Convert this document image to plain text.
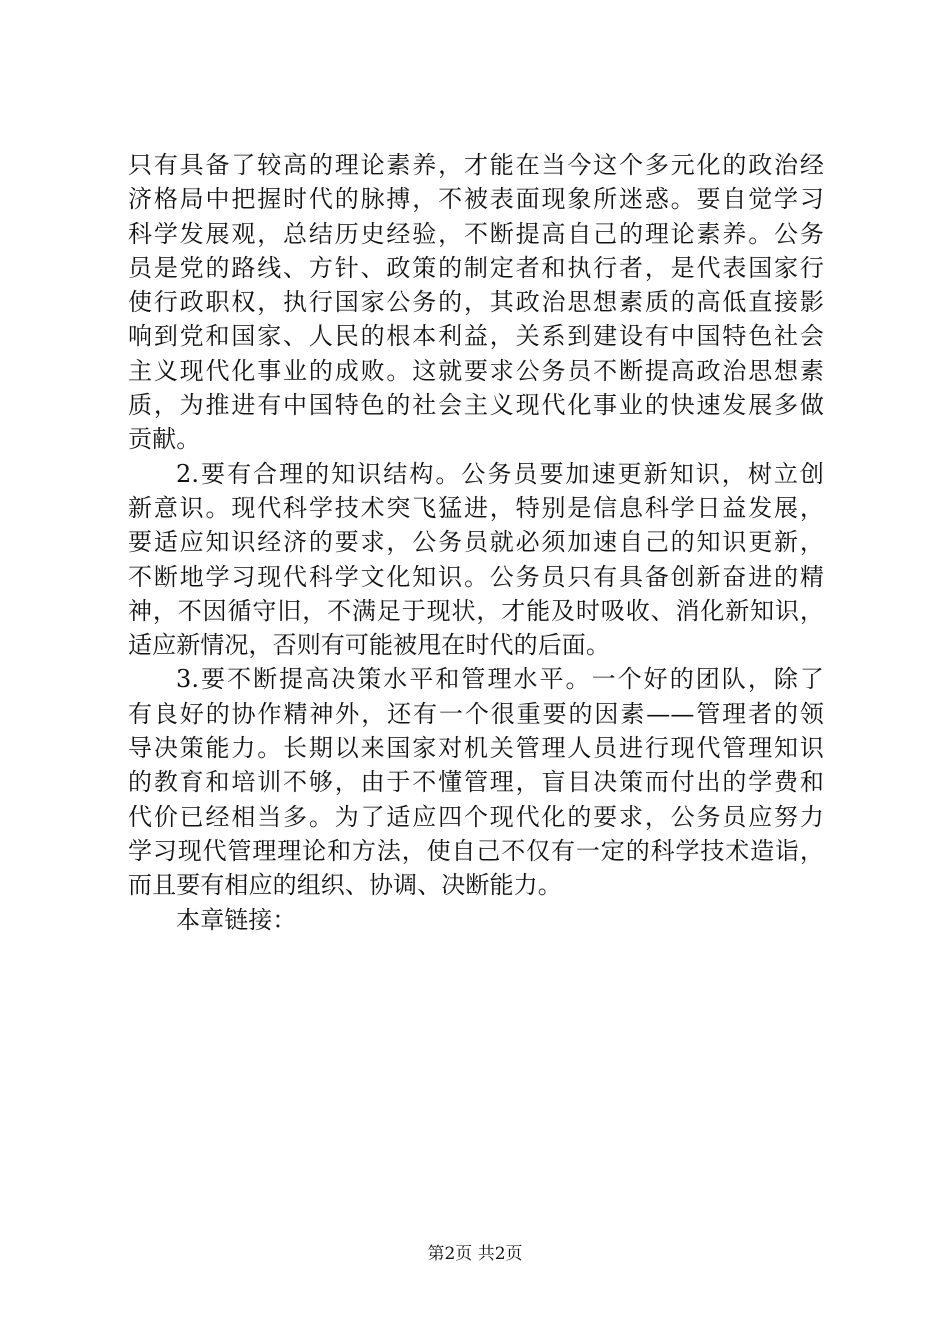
只有具备了较高的理论素养，才能在当今这个多元化的政治经
济格局中把握时代的脉搏，不被表面现象所迷惑。要自觉学习
科学发展观，总结历史经验，不断提高自己的理论素养。公务
员是党的路线、方针、政策的制定者和执行者，是代表国家行
使行政职权，执行国家公务的，其政治思想素质的高低直接影
响到党和国家、人民的根本利益，关系到建设有中国特色社会
主义现代化事业的成败。这就要求公务员不断提高政治思想素
质，为推进有中国特色的社会主义现代化事业的快速发展多做
贡献。
2.要有合理的知识结构。公务员要加速更新知识，树立创
新意识。现代科学技术突飞猛进，特别是信息科学日益发展，
要适应知识经济的要求，公务员就必须加速自己的知识更新，
不断地学习现代科学文化知识。公务员只有具备创新奋进的精
神，不因循守旧，不满足于现状，才能及时吸收、消化新知识，
适应新情况，否则有可能被甩在时代的后面。
3.要不断提高决策水平和管理水平。一个好的团队，除了
有良好的协作精神外，还有一个很重要的因素——管理者的领
导决策能力。长期以来国家对机关管理人员进行现代管理知识
的教育和培训不够，由于不懂管理，盲目决策而付出的学费和
代价已经相当多。为了适应四个现代化的要求，公务员应努力
学习现代管理理论和方法，使自己不仅有一定的科学技术造诣，
而且要有相应的组织、协调、决断能力。
本章链接：
第2页 共2页
